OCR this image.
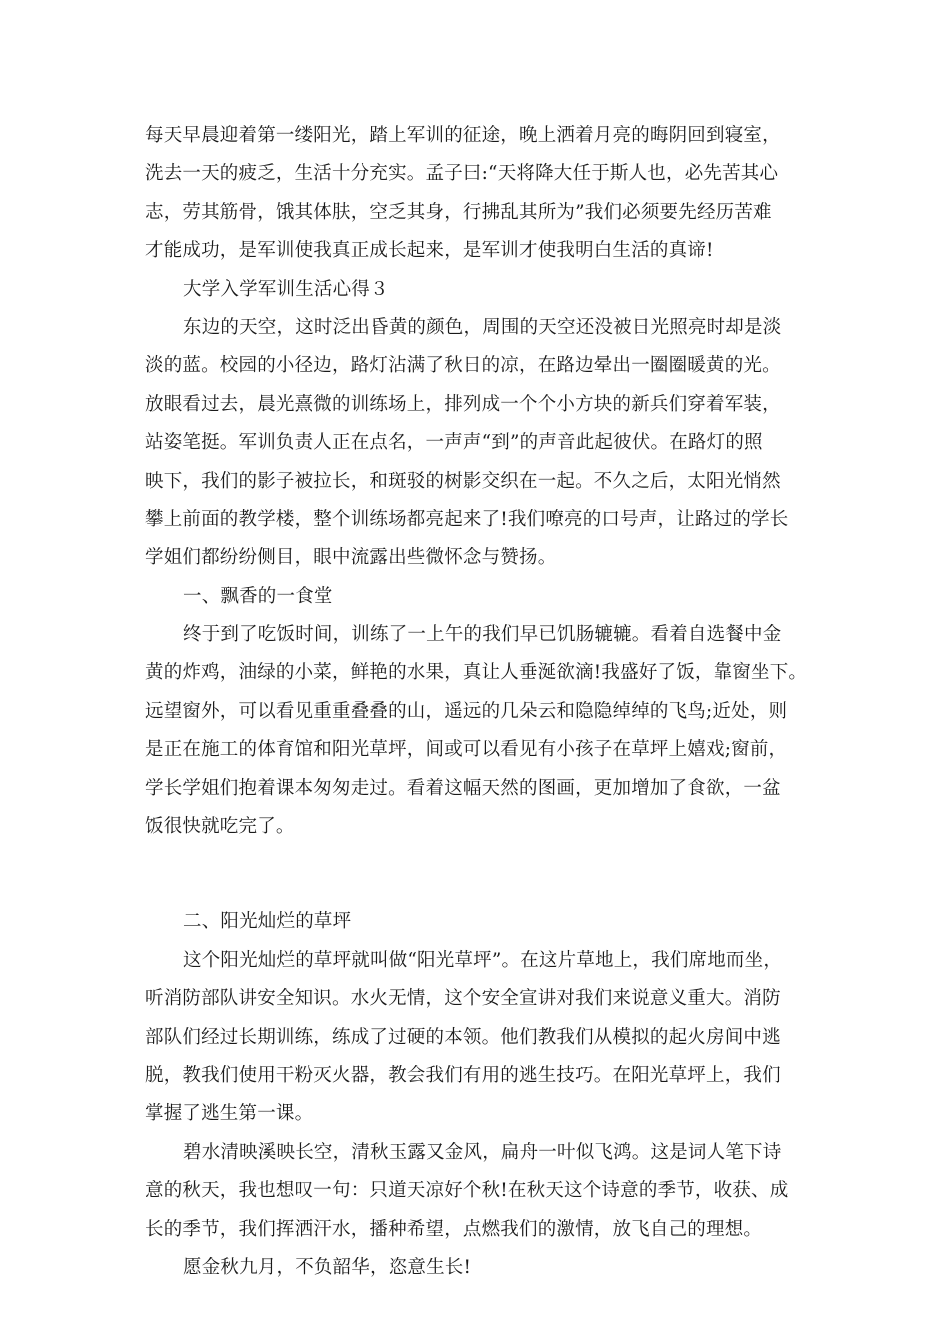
每天早晨迎着第一缕阳光，踏上军训的征途，晚上洒着月亮的晦阴回到寝室，
洗去一天的疲乏，生活十分充实。孟子曰:“天将降大任于斯人也，必先苦其心
志，劳其筋骨，饿其体肤，空乏其身，行拂乱其所为”我们必须要先经历苦难
才能成功，是军训使我真正成长起来，是军训才使我明白生活的真谛!
大学入学军训生活心得３
东边的天空，这时泛出昏黄的颜色，周围的天空还没被日光照亮时却是淡
淡的蓝。校园的小径边，路灯沾满了秋日的凉，在路边晕出一圈圈暖黄的光。
放眼看过去，晨光熹微的训练场上，排列成一个个小方块的新兵们穿着军装，
站姿笔挺。军训负责人正在点名，一声声“到”的声音此起彼伏。在路灯的照
映下，我们的影子被拉长，和斑驳的树影交织在一起。不久之后，太阳光悄然
攀上前面的教学楼，整个训练场都亮起来了!我们嘹亮的口号声，让路过的学长
学姐们都纷纷侧目，眼中流露出些微怀念与赞扬。
一、飘香的一食堂
终于到了吃饭时间，训练了一上午的我们早已饥肠辘辘。看着自选餐中金
黄的炸鸡，油绿的小菜，鲜艳的水果，真让人垂涎欲滴!我盛好了饭，靠窗坐下。
远望窗外，可以看见重重叠叠的山，遥远的几朵云和隐隐绰绰的飞鸟;近处，则
是正在施工的体育馆和阳光草坪，间或可以看见有小孩子在草坪上嬉戏;窗前，
学长学姐们抱着课本匆匆走过。看着这幅天然的图画，更加增加了食欲，一盆
饭很快就吃完了。
二、阳光灿烂的草坪
这个阳光灿烂的草坪就叫做“阳光草坪”。在这片草地上，我们席地而坐，
听消防部队讲安全知识。水火无情，这个安全宣讲对我们来说意义重大。消防
部队们经过长期训练，练成了过硬的本领。他们教我们从模拟的起火房间中逃
脱，教我们使用干粉灭火器，教会我们有用的逃生技巧。在阳光草坪上，我们
掌握了逃生第一课。
碧水清映溪映长空，清秋玉露又金风，扁舟一叶似飞鸿。这是词人笔下诗
意的秋天，我也想叹一句：只道天凉好个秋!在秋天这个诗意的季节，收获、成
长的季节，我们挥洒汗水，播种希望，点燃我们的激情，放飞自己的理想。
愿金秋九月，不负韶华，恣意生长!
